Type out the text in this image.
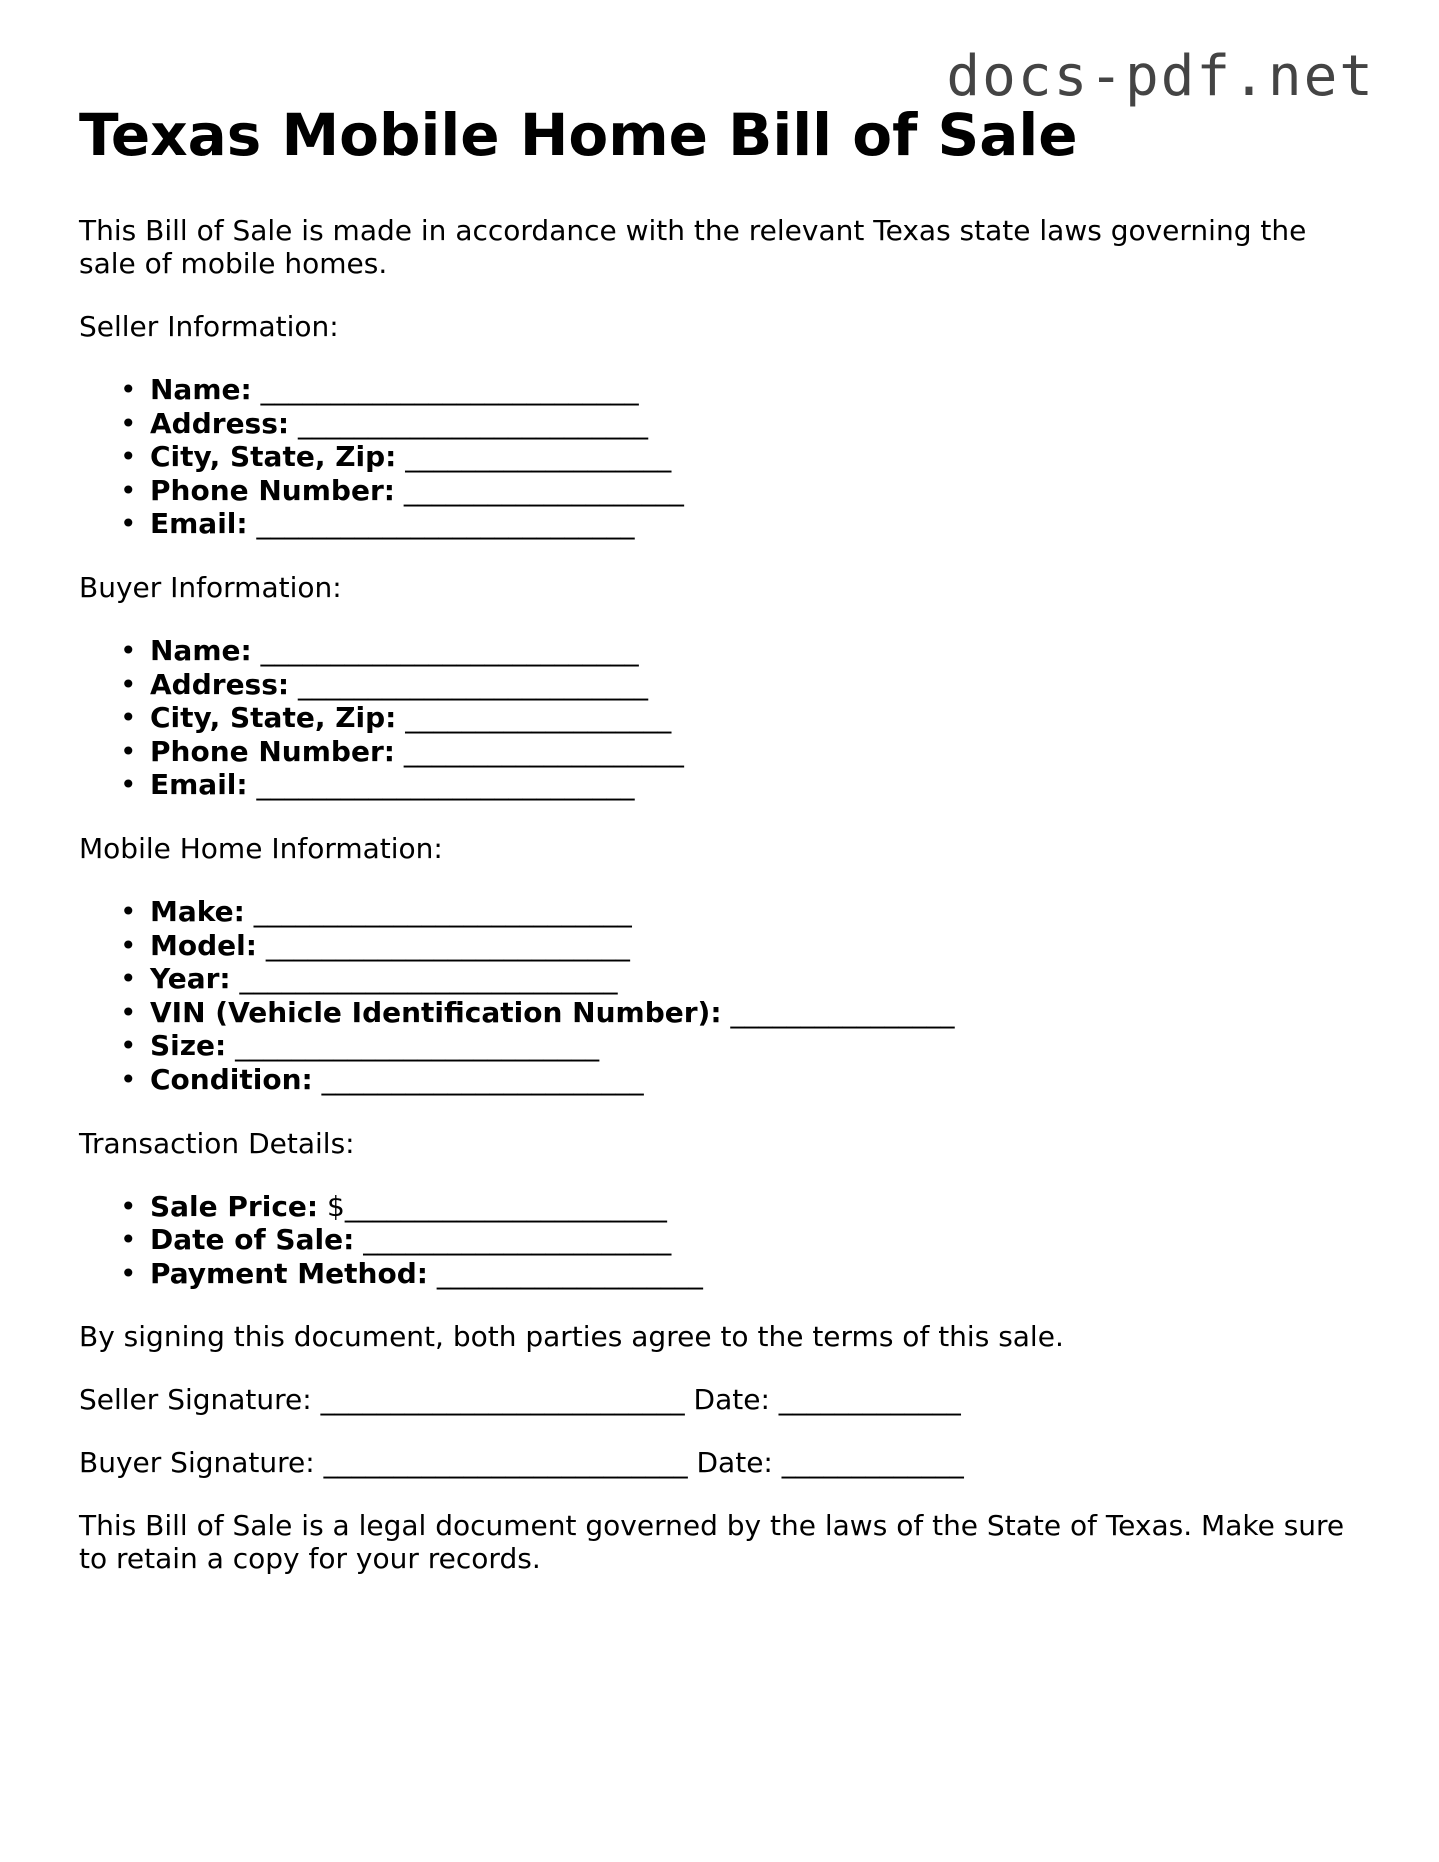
docs-pdf.net
Texas Mobile Home Bill of Sale

This Bill of Sale is made in accordance with the relevant Texas state laws governing the sale of mobile homes.

Seller Information:

• Name: ___________________________
• Address: _________________________
• City, State, Zip: ___________________
• Phone Number: ____________________
• Email: ___________________________

Buyer Information:

• Name: ___________________________
• Address: _________________________
• City, State, Zip: ___________________
• Phone Number: ____________________
• Email: ___________________________

Mobile Home Information:

• Make: ___________________________
• Model: __________________________
• Year: ___________________________
• VIN (Vehicle Identification Number): ________________
• Size: __________________________
• Condition: _______________________

Transaction Details:

• Sale Price: $_______________________
• Date of Sale: ______________________
• Payment Method: ___________________

By signing this document, both parties agree to the terms of this sale.

Seller Signature: __________________________ Date: _____________

Buyer Signature: __________________________ Date: _____________

This Bill of Sale is a legal document governed by the laws of the State of Texas. Make sure to retain a copy for your records.
